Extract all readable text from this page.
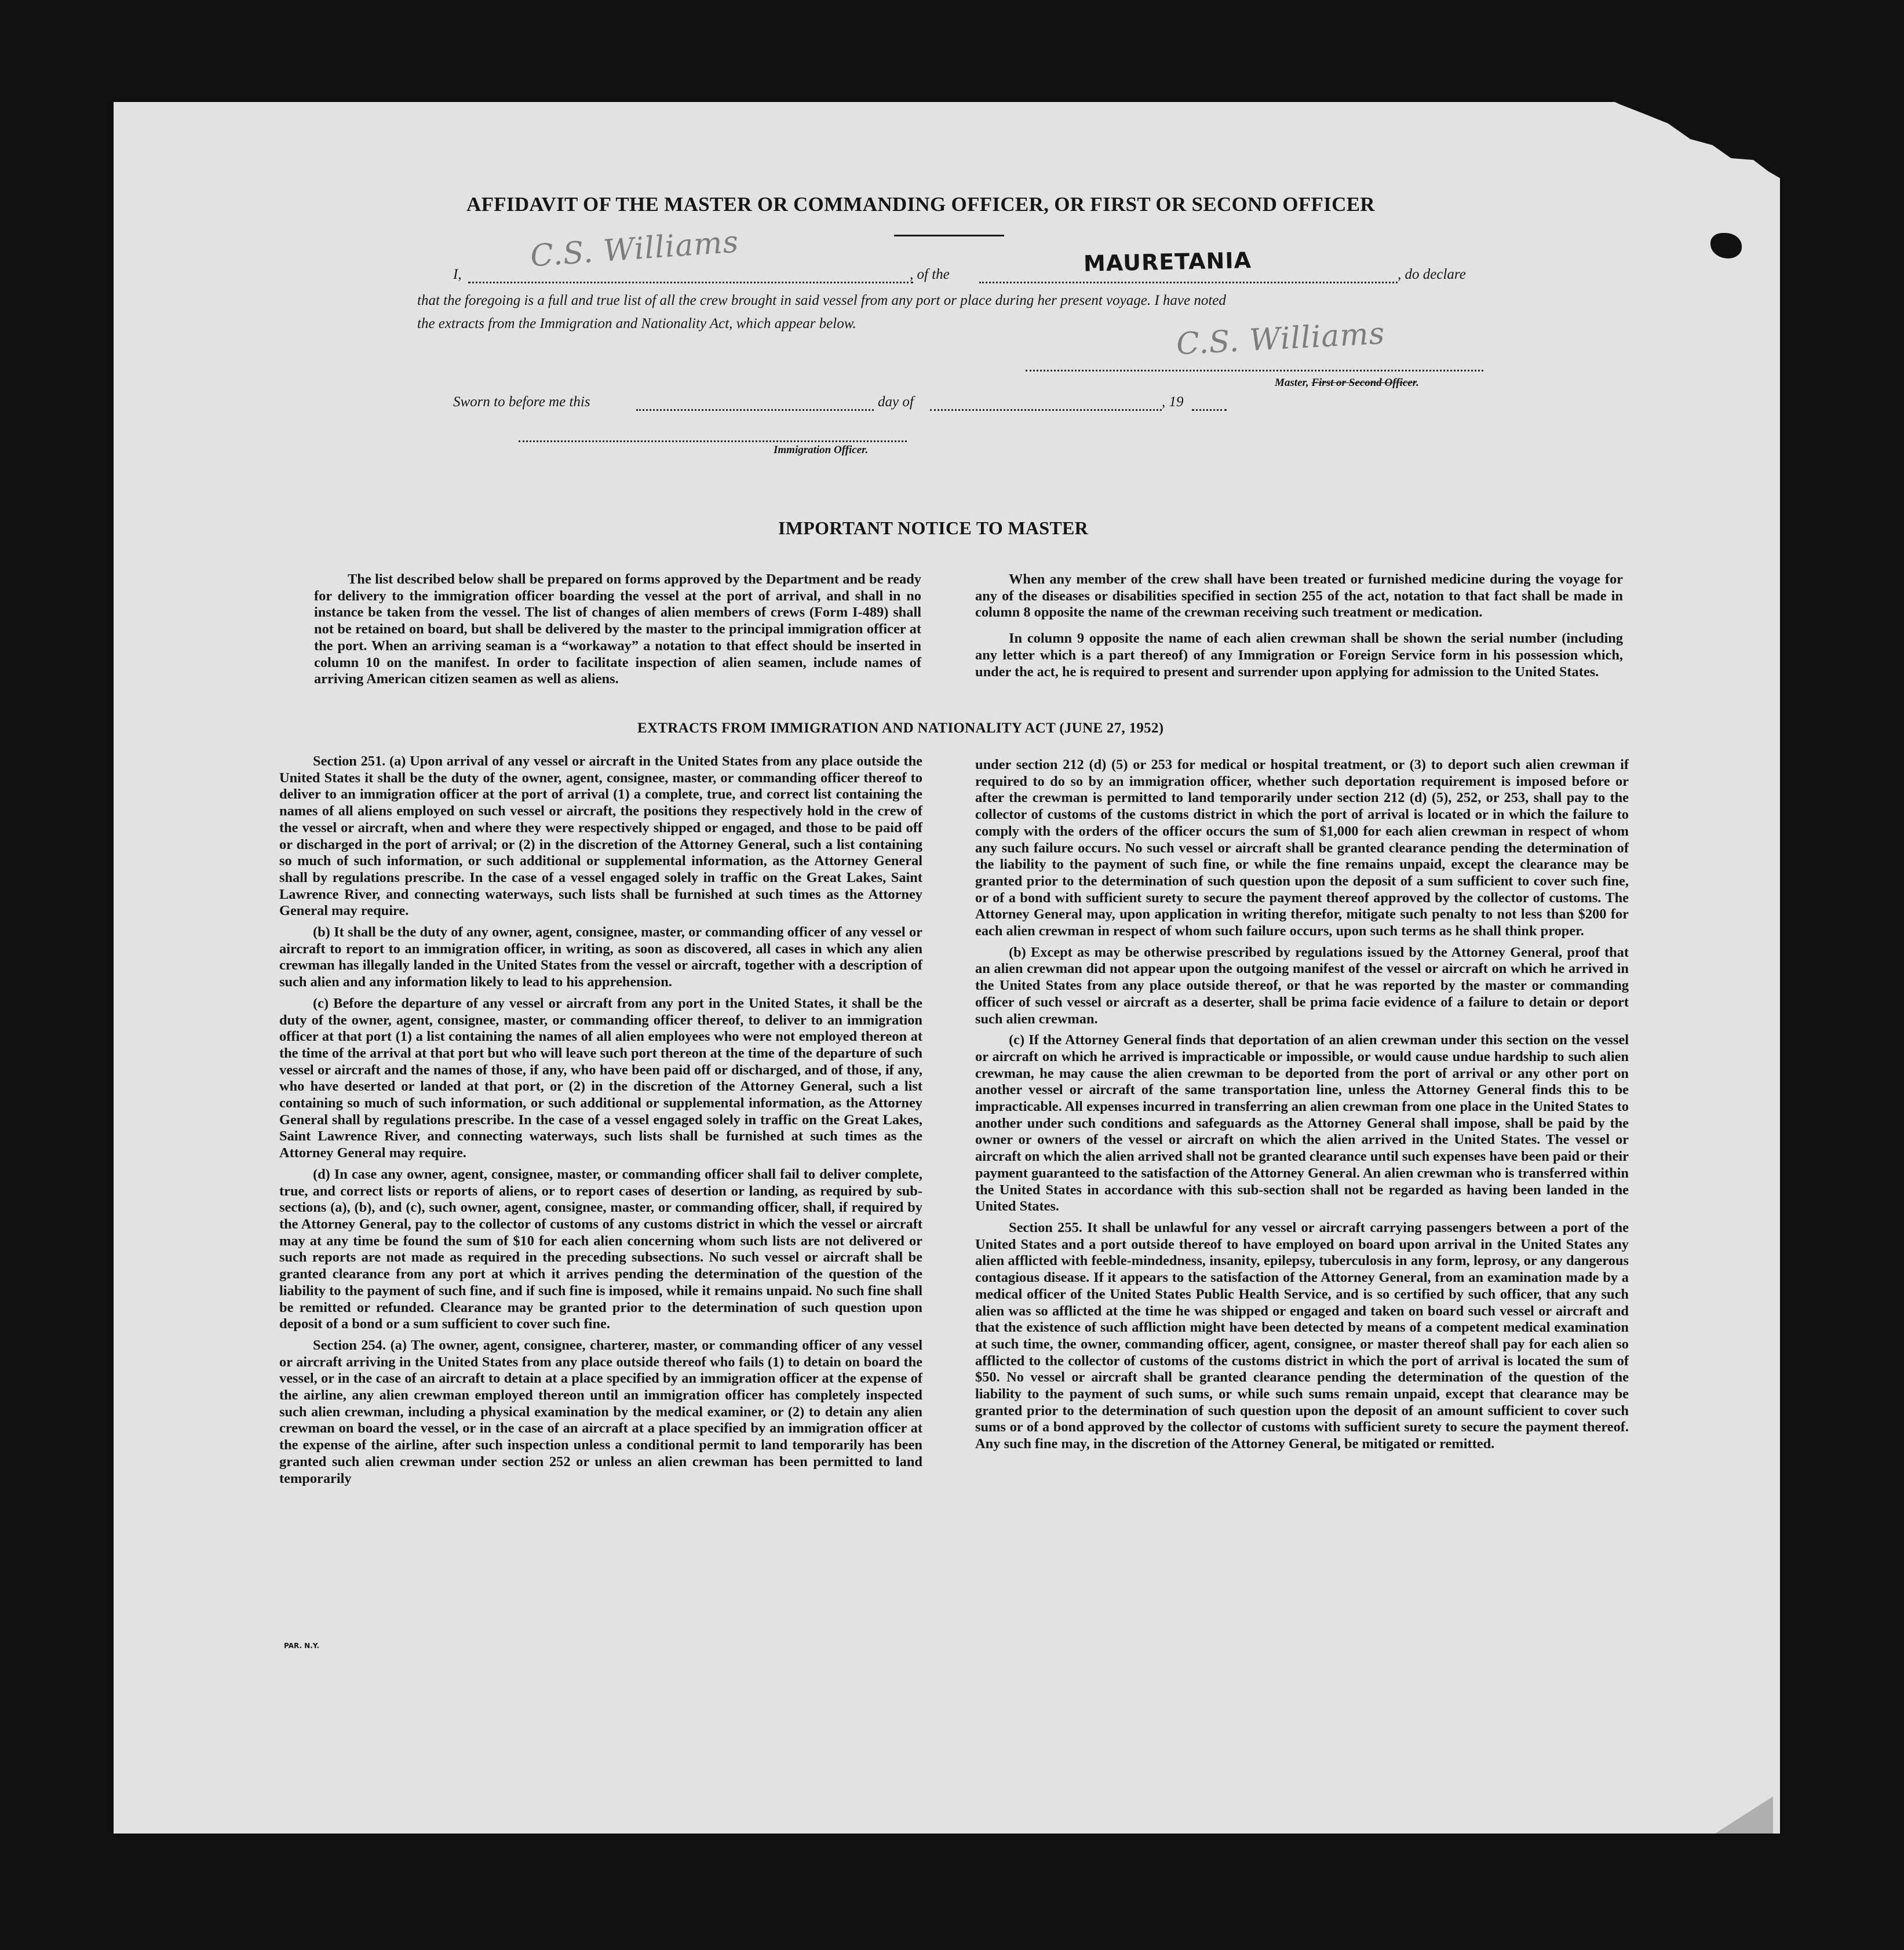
AFFIDAVIT OF THE MASTER OR COMMANDING OFFICER, OR FIRST OR SECOND OFFICER
I,
C.S. Williams
, of the	MAURETANIA	, do declare
that the foregoing is a full and true list of all the crew brought in said vessel from any port or place during her present voyage. I have noted
the extracts from the Immigration and Nationality Act, which appear below.	C.S. Williams
Master, First or Second Officer.
Sworn to before me this	day of	, 19
Immigration Officer.
IMPORTANT NOTICE TO MASTER

The list described below shall be prepared on forms approved by the Department and be ready for delivery to the immigration officer boarding the vessel at the port of arrival, and shall in no instance be taken from the vessel. The list of changes of alien members of crews (Form I-489) shall not be retained on board, but shall be delivered by the master to the principal immigration officer at the port. When an arriving seaman is a “workaway” a notation to that effect should be inserted in column 10 on the manifest. In order to facilitate inspection of alien seamen, include names of arriving American citizen seamen as well as aliens.

When any member of the crew shall have been treated or furnished medicine during the voyage for any of the diseases or disabilities specified in section 255 of the act, notation to that fact shall be made in column 8 opposite the name of the crewman receiving such treatment or medication.

In column 9 opposite the name of each alien crewman shall be shown the serial number (including any letter which is a part thereof) of any Immigration or Foreign Service form in his possession which, under the act, he is required to present and surrender upon applying for admission to the United States.

EXTRACTS FROM IMMIGRATION AND NATIONALITY ACT (JUNE 27, 1952)

Section 251. (a) Upon arrival of any vessel or aircraft in the United States from any place outside the United States it shall be the duty of the owner, agent, consignee, master, or commanding officer thereof to deliver to an immigration officer at the port of arrival (1) a complete, true, and correct list containing the names of all aliens employed on such vessel or aircraft, the positions they respectively hold in the crew of the vessel or aircraft, when and where they were respectively shipped or engaged, and those to be paid off or discharged in the port of arrival; or (2) in the discretion of the Attorney General, such a list containing so much of such information, or such additional or supplemental information, as the Attorney General shall by regulations prescribe. In the case of a vessel engaged solely in traffic on the Great Lakes, Saint Lawrence River, and connecting waterways, such lists shall be furnished at such times as the Attorney General may require.

(b) It shall be the duty of any owner, agent, consignee, master, or commanding officer of any vessel or aircraft to report to an immigration officer, in writing, as soon as discovered, all cases in which any alien crewman has illegally landed in the United States from the vessel or aircraft, together with a description of such alien and any information likely to lead to his apprehension.

(c) Before the departure of any vessel or aircraft from any port in the United States, it shall be the duty of the owner, agent, consignee, master, or commanding officer thereof, to deliver to an immigration officer at that port (1) a list containing the names of all alien employees who were not employed thereon at the time of the arrival at that port but who will leave such port thereon at the time of the departure of such vessel or aircraft and the names of those, if any, who have been paid off or discharged, and of those, if any, who have deserted or landed at that port, or (2) in the discretion of the Attorney General, such a list containing so much of such information, or such additional or supplemental information, as the Attorney General shall by regulations prescribe. In the case of a vessel engaged solely in traffic on the Great Lakes, Saint Lawrence River, and connecting waterways, such lists shall be furnished at such times as the Attorney General may require.

(d) In case any owner, agent, consignee, master, or commanding officer shall fail to deliver complete, true, and correct lists or reports of aliens, or to report cases of desertion or landing, as required by sub-sections (a), (b), and (c), such owner, agent, consignee, master, or commanding officer, shall, if required by the Attorney General, pay to the collector of customs of any customs district in which the vessel or aircraft may at any time be found the sum of $10 for each alien concerning whom such lists are not delivered or such reports are not made as required in the preceding subsections. No such vessel or aircraft shall be granted clearance from any port at which it arrives pending the determination of the question of the liability to the payment of such fine, and if such fine is imposed, while it remains unpaid. No such fine shall be remitted or refunded. Clearance may be granted prior to the determination of such question upon deposit of a bond or a sum sufficient to cover such fine.

Section 254. (a) The owner, agent, consignee, charterer, master, or commanding officer of any vessel or aircraft arriving in the United States from any place outside thereof who fails (1) to detain on board the vessel, or in the case of an aircraft to detain at a place specified by an immigration officer at the expense of the airline, any alien crewman employed thereon until an immigration officer has completely inspected such alien crewman, including a physical examination by the medical examiner, or (2) to detain any alien crewman on board the vessel, or in the case of an aircraft at a place specified by an immigration officer at the expense of the airline, after such inspection unless a conditional permit to land temporarily has been granted such alien crewman under section 252 or unless an alien crewman has been permitted to land temporarily

PAR. N.Y.

under section 212 (d) (5) or 253 for medical or hospital treatment, or (3) to deport such alien crewman if required to do so by an immigration officer, whether such deportation requirement is imposed before or after the crewman is permitted to land temporarily under section 212 (d) (5), 252, or 253, shall pay to the collector of customs of the customs district in which the port of arrival is located or in which the failure to comply with the orders of the officer occurs the sum of $1,000 for each alien crewman in respect of whom any such failure occurs. No such vessel or aircraft shall be granted clearance pending the determination of the liability to the payment of such fine, or while the fine remains unpaid, except the clearance may be granted prior to the determination of such question upon the deposit of a sum sufficient to cover such fine, or of a bond with sufficient surety to secure the payment thereof approved by the collector of customs. The Attorney General may, upon application in writing therefor, mitigate such penalty to not less than $200 for each alien crewman in respect of whom such failure occurs, upon such terms as he shall think proper.

(b) Except as may be otherwise prescribed by regulations issued by the Attorney General, proof that an alien crewman did not appear upon the outgoing manifest of the vessel or aircraft on which he arrived in the United States from any place outside thereof, or that he was reported by the master or commanding officer of such vessel or aircraft as a deserter, shall be prima facie evidence of a failure to detain or deport such alien crewman.

(c) If the Attorney General finds that deportation of an alien crewman under this section on the vessel or aircraft on which he arrived is impracticable or impossible, or would cause undue hardship to such alien crewman, he may cause the alien crewman to be deported from the port of arrival or any other port on another vessel or aircraft of the same transportation line, unless the Attorney General finds this to be impracticable. All expenses incurred in transferring an alien crewman from one place in the United States to another under such conditions and safeguards as the Attorney General shall impose, shall be paid by the owner or owners of the vessel or aircraft on which the alien arrived in the United States. The vessel or aircraft on which the alien arrived shall not be granted clearance until such expenses have been paid or their payment guaranteed to the satisfaction of the Attorney General. An alien crewman who is transferred within the United States in accordance with this sub-section shall not be regarded as having been landed in the United States.

Section 255. It shall be unlawful for any vessel or aircraft carrying passengers between a port of the United States and a port outside thereof to have employed on board upon arrival in the United States any alien afflicted with feeble-mindedness, insanity, epilepsy, tuberculosis in any form, leprosy, or any dangerous contagious disease. If it appears to the satisfaction of the Attorney General, from an examination made by a medical officer of the United States Public Health Service, and is so certified by such officer, that any such alien was so afflicted at the time he was shipped or engaged and taken on board such vessel or aircraft and that the existence of such affliction might have been detected by means of a competent medical examination at such time, the owner, commanding officer, agent, consignee, or master thereof shall pay for each alien so afflicted to the collector of customs of the customs district in which the port of arrival is located the sum of $50. No vessel or aircraft shall be granted clearance pending the determination of the question of the liability to the payment of such sums, or while such sums remain unpaid, except that clearance may be granted prior to the determination of such question upon the deposit of an amount sufficient to cover such sums or of a bond approved by the collector of customs with sufficient surety to secure the payment thereof. Any such fine may, in the discretion of the Attorney General, be mitigated or remitted.
